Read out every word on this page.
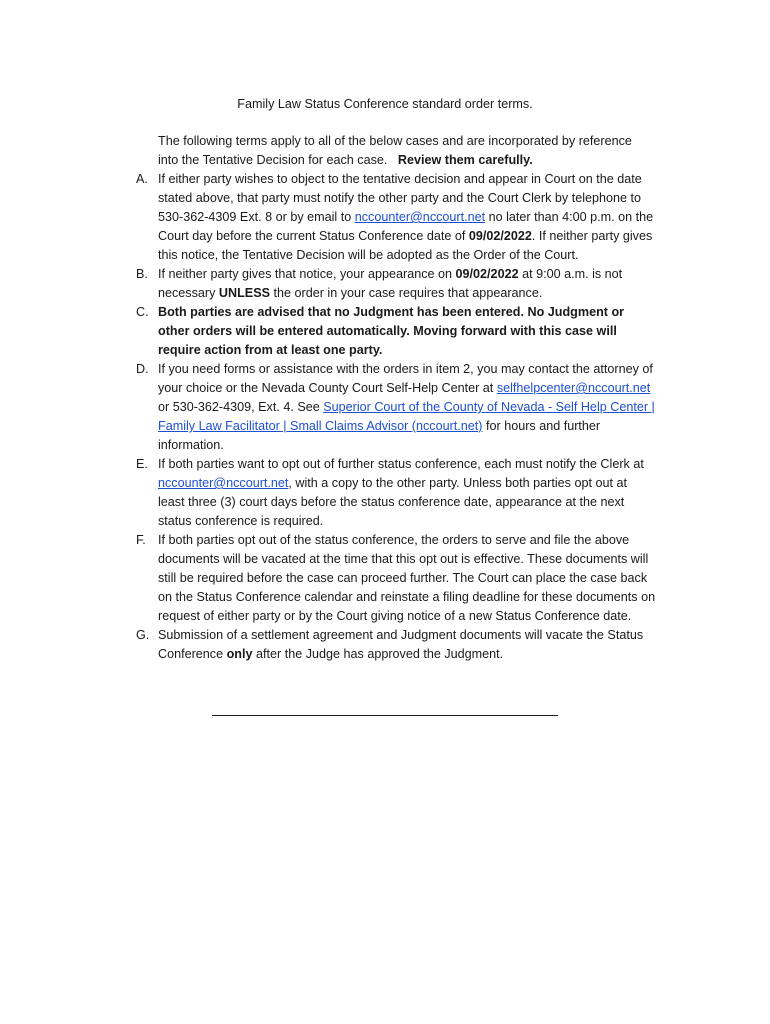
Family Law Status Conference standard order terms.
The following terms apply to all of the below cases and are incorporated by reference into the Tentative Decision for each case. Review them carefully.
A. If either party wishes to object to the tentative decision and appear in Court on the date stated above, that party must notify the other party and the Court Clerk by telephone to 530-362-4309 Ext. 8 or by email to nccounter@nccourt.net no later than 4:00 p.m. on the Court day before the current Status Conference date of 09/02/2022. If neither party gives this notice, the Tentative Decision will be adopted as the Order of the Court.
B. If neither party gives that notice, your appearance on 09/02/2022 at 9:00 a.m. is not necessary UNLESS the order in your case requires that appearance.
C. Both parties are advised that no Judgment has been entered. No Judgment or other orders will be entered automatically. Moving forward with this case will require action from at least one party.
D. If you need forms or assistance with the orders in item 2, you may contact the attorney of your choice or the Nevada County Court Self-Help Center at selfhelpcenter@nccourt.net or 530-362-4309, Ext. 4. See Superior Court of the County of Nevada - Self Help Center | Family Law Facilitator | Small Claims Advisor (nccourt.net) for hours and further information.
E. If both parties want to opt out of further status conference, each must notify the Clerk at nccounter@nccourt.net, with a copy to the other party. Unless both parties opt out at least three (3) court days before the status conference date, appearance at the next status conference is required.
F. If both parties opt out of the status conference, the orders to serve and file the above documents will be vacated at the time that this opt out is effective. These documents will still be required before the case can proceed further. The Court can place the case back on the Status Conference calendar and reinstate a filing deadline for these documents on request of either party or by the Court giving notice of a new Status Conference date.
G. Submission of a settlement agreement and Judgment documents will vacate the Status Conference only after the Judge has approved the Judgment.
